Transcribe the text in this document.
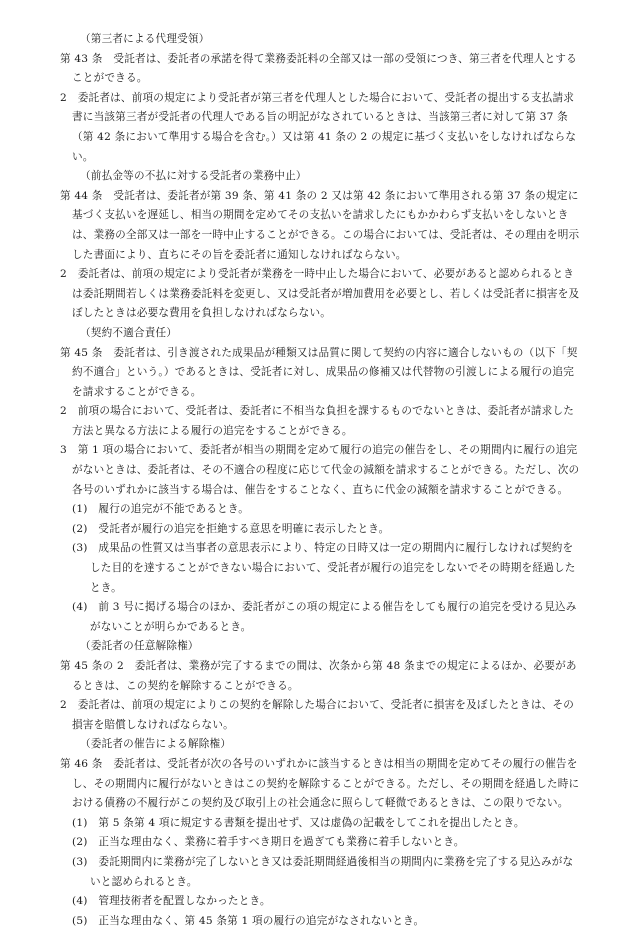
（第三者による代理受領）
第 43 条　受託者は、委託者の承諾を得て業務委託料の全部又は一部の受領につき、第三者を代理人とすることができる。
2　委託者は、前項の規定により受託者が第三者を代理人とした場合において、受託者の提出する支払請求書に当該第三者が受託者の代理人である旨の明記がなされているときは、当該第三者に対して第 37 条（第 42 条において準用する場合を含む。）又は第 41 条の 2 の規定に基づく支払いをしなければならない。
（前払金等の不払に対する受託者の業務中止）
第 44 条　受託者は、委託者が第 39 条、第 41 条の 2 又は第 42 条において準用される第 37 条の規定に基づく支払いを遅延し、相当の期間を定めてその支払いを請求したにもかかわらず支払いをしないときは、業務の全部又は一部を一時中止することができる。この場合においては、受託者は、その理由を明示した書面により、直ちにその旨を委託者に通知しなければならない。
2　委託者は、前項の規定により受託者が業務を一時中止した場合において、必要があると認められるときは委託期間若しくは業務委託料を変更し、又は受託者が増加費用を必要とし、若しくは受託者に損害を及ぼしたときは必要な費用を負担しなければならない。
（契約不適合責任）
第 45 条　委託者は、引き渡された成果品が種類又は品質に関して契約の内容に適合しないもの（以下「契約不適合」という。）であるときは、受託者に対し、成果品の修補又は代替物の引渡しによる履行の追完を請求することができる。
2　前項の場合において、受託者は、委託者に不相当な負担を課するものでないときは、委託者が請求した方法と異なる方法による履行の追完をすることができる。
3　第 1 項の場合において、委託者が相当の期間を定めて履行の追完の催告をし、その期間内に履行の追完がないときは、委託者は、その不適合の程度に応じて代金の減額を請求することができる。ただし、次の各号のいずれかに該当する場合は、催告をすることなく、直ちに代金の減額を請求することができる。
(1)　履行の追完が不能であるとき。
(2)　受託者が履行の追完を拒絶する意思を明確に表示したとき。
(3)　成果品の性質又は当事者の意思表示により、特定の日時又は一定の期間内に履行しなければ契約をした目的を達することができない場合において、受託者が履行の追完をしないでその時期を経過したとき。
(4)　前 3 号に掲げる場合のほか、委託者がこの項の規定による催告をしても履行の追完を受ける見込みがないことが明らかであるとき。
（委託者の任意解除権）
第 45 条の 2　委託者は、業務が完了するまでの間は、次条から第 48 条までの規定によるほか、必要があるときは、この契約を解除することができる。
2　委託者は、前項の規定によりこの契約を解除した場合において、受託者に損害を及ぼしたときは、その損害を賠償しなければならない。
（委託者の催告による解除権）
第 46 条　委託者は、受託者が次の各号のいずれかに該当するときは相当の期間を定めてその履行の催告をし、その期間内に履行がないときはこの契約を解除することができる。ただし、その期間を経過した時における債務の不履行がこの契約及び取引上の社会通念に照らして軽微であるときは、この限りでない。
(1)　第 5 条第 4 項に規定する書類を提出せず、又は虚偽の記載をしてこれを提出したとき。
(2)　正当な理由なく、業務に着手すべき期日を過ぎても業務に着手しないとき。
(3)　委託期間内に業務が完了しないとき又は委託期間経過後相当の期間内に業務を完了する見込みがないと認められるとき。
(4)　管理技術者を配置しなかったとき。
(5)　正当な理由なく、第 45 条第 1 項の履行の追完がなされないとき。
